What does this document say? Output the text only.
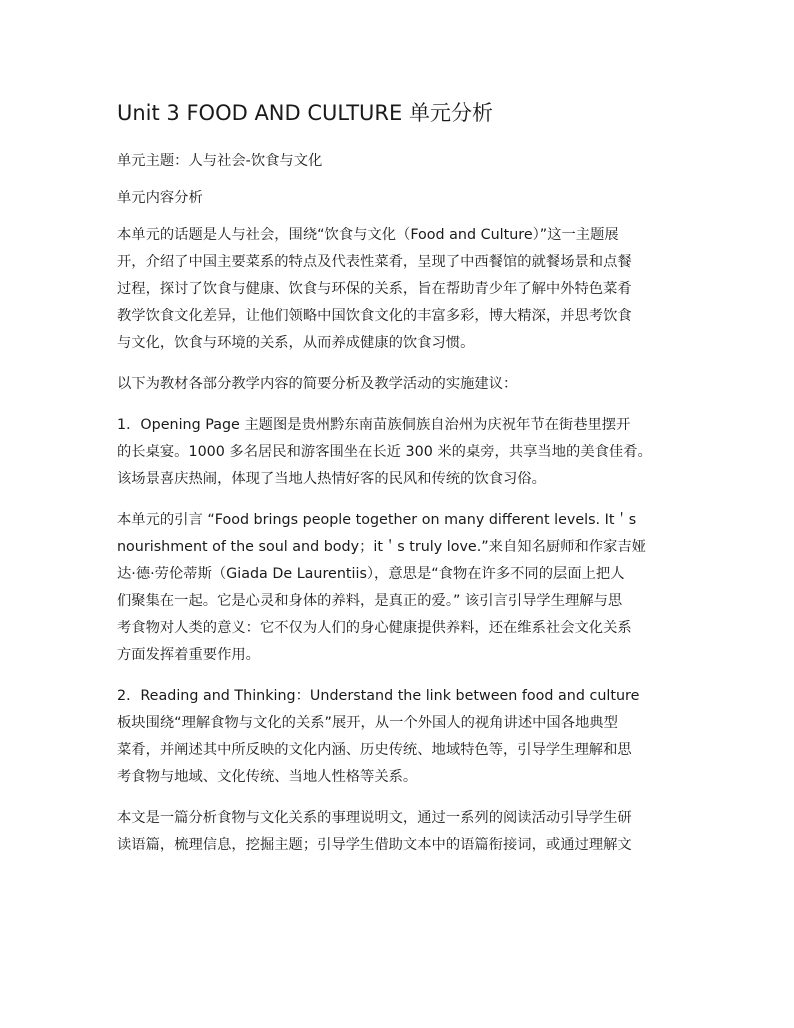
Unit 3 FOOD AND CULTURE 单元分析

单元主题：人与社会-饮食与文化

单元内容分析

本单元的话题是人与社会，围绕“饮食与文化（Food and Culture）”这一主题展

开，介绍了中国主要菜系的特点及代表性菜肴，呈现了中西餐馆的就餐场景和点餐

过程，探讨了饮食与健康、饮食与环保的关系，旨在帮助青少年了解中外特色菜肴

教学饮食文化差异，让他们领略中国饮食文化的丰富多彩，博大精深，并思考饮食

与文化，饮食与环境的关系，从而养成健康的饮食习惯。

以下为教材各部分教学内容的简要分析及教学活动的实施建议：

1．Opening Page 主题图是贵州黔东南苗族侗族自治州为庆祝年节在街巷里摆开

的长桌宴。1000 多名居民和游客围坐在长近 300 米的桌旁，共享当地的美食佳肴。

该场景喜庆热闹，体现了当地人热情好客的民风和传统的饮食习俗。

本单元的引言 “Food brings people together on many different levels. It＇s

nourishment of the soul and body；it＇s truly love.”来自知名厨师和作家吉娅

达·德·劳伦蒂斯（Giada De Laurentiis），意思是“食物在许多不同的层面上把人

们聚集在一起。它是心灵和身体的养料，是真正的爱。” 该引言引导学生理解与思

考食物对人类的意义：它不仅为人们的身心健康提供养料，还在维系社会文化关系

方面发挥着重要作用。

2．Reading and Thinking：Understand the link between food and culture

板块围绕“理解食物与文化的关系”展开，从一个外国人的视角讲述中国各地典型

菜肴，并阐述其中所反映的文化内涵、历史传统、地域特色等，引导学生理解和思

考食物与地域、文化传统、当地人性格等关系。

本文是一篇分析食物与文化关系的事理说明文，通过一系列的阅读活动引导学生研

读语篇，梳理信息，挖掘主题；引导学生借助文本中的语篇衔接词，或通过理解文
